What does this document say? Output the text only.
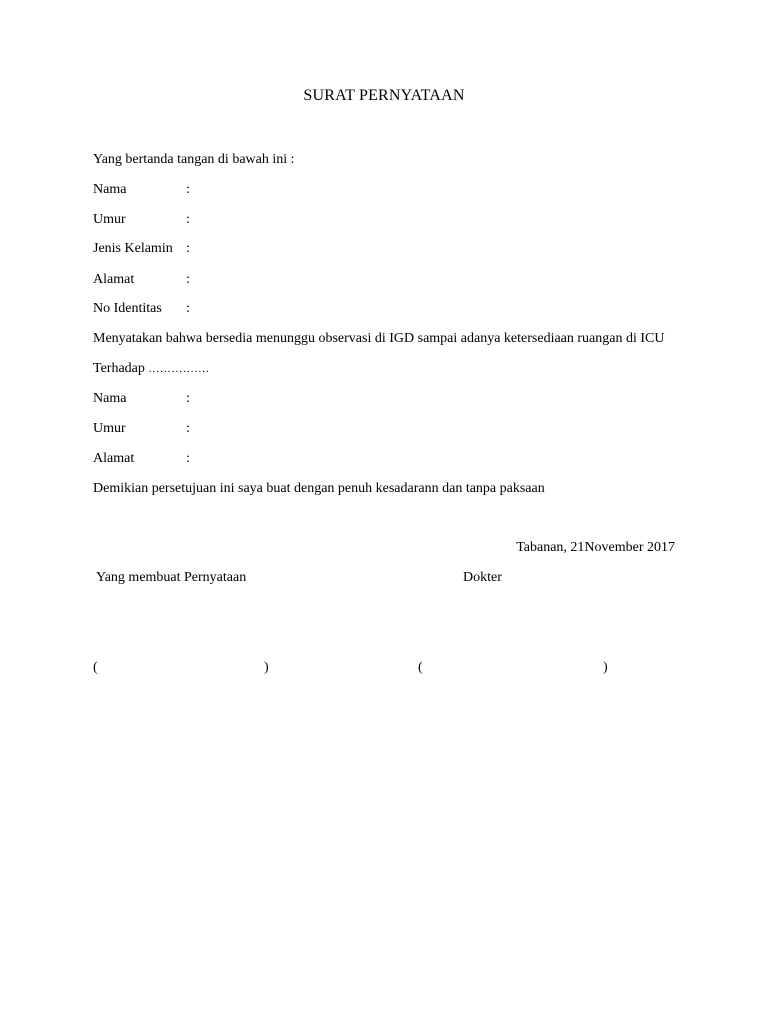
SURAT PERNYATAAN
Yang bertanda tangan di bawah ini :
Nama	:
Umur	:
Jenis Kelamin :
Alamat	:
No Identitas :
Menyatakan bahwa bersedia menunggu observasi di IGD sampai adanya ketersediaan ruangan di ICU
Terhadap …………….
Nama	:
Umur	:
Alamat	:
Demikian persetujuan ini saya buat dengan penuh kesadarann dan tanpa paksaan
Tabanan, 21November 2017
Yang membuat Pernyataan	Dokter
(	)	(	)
